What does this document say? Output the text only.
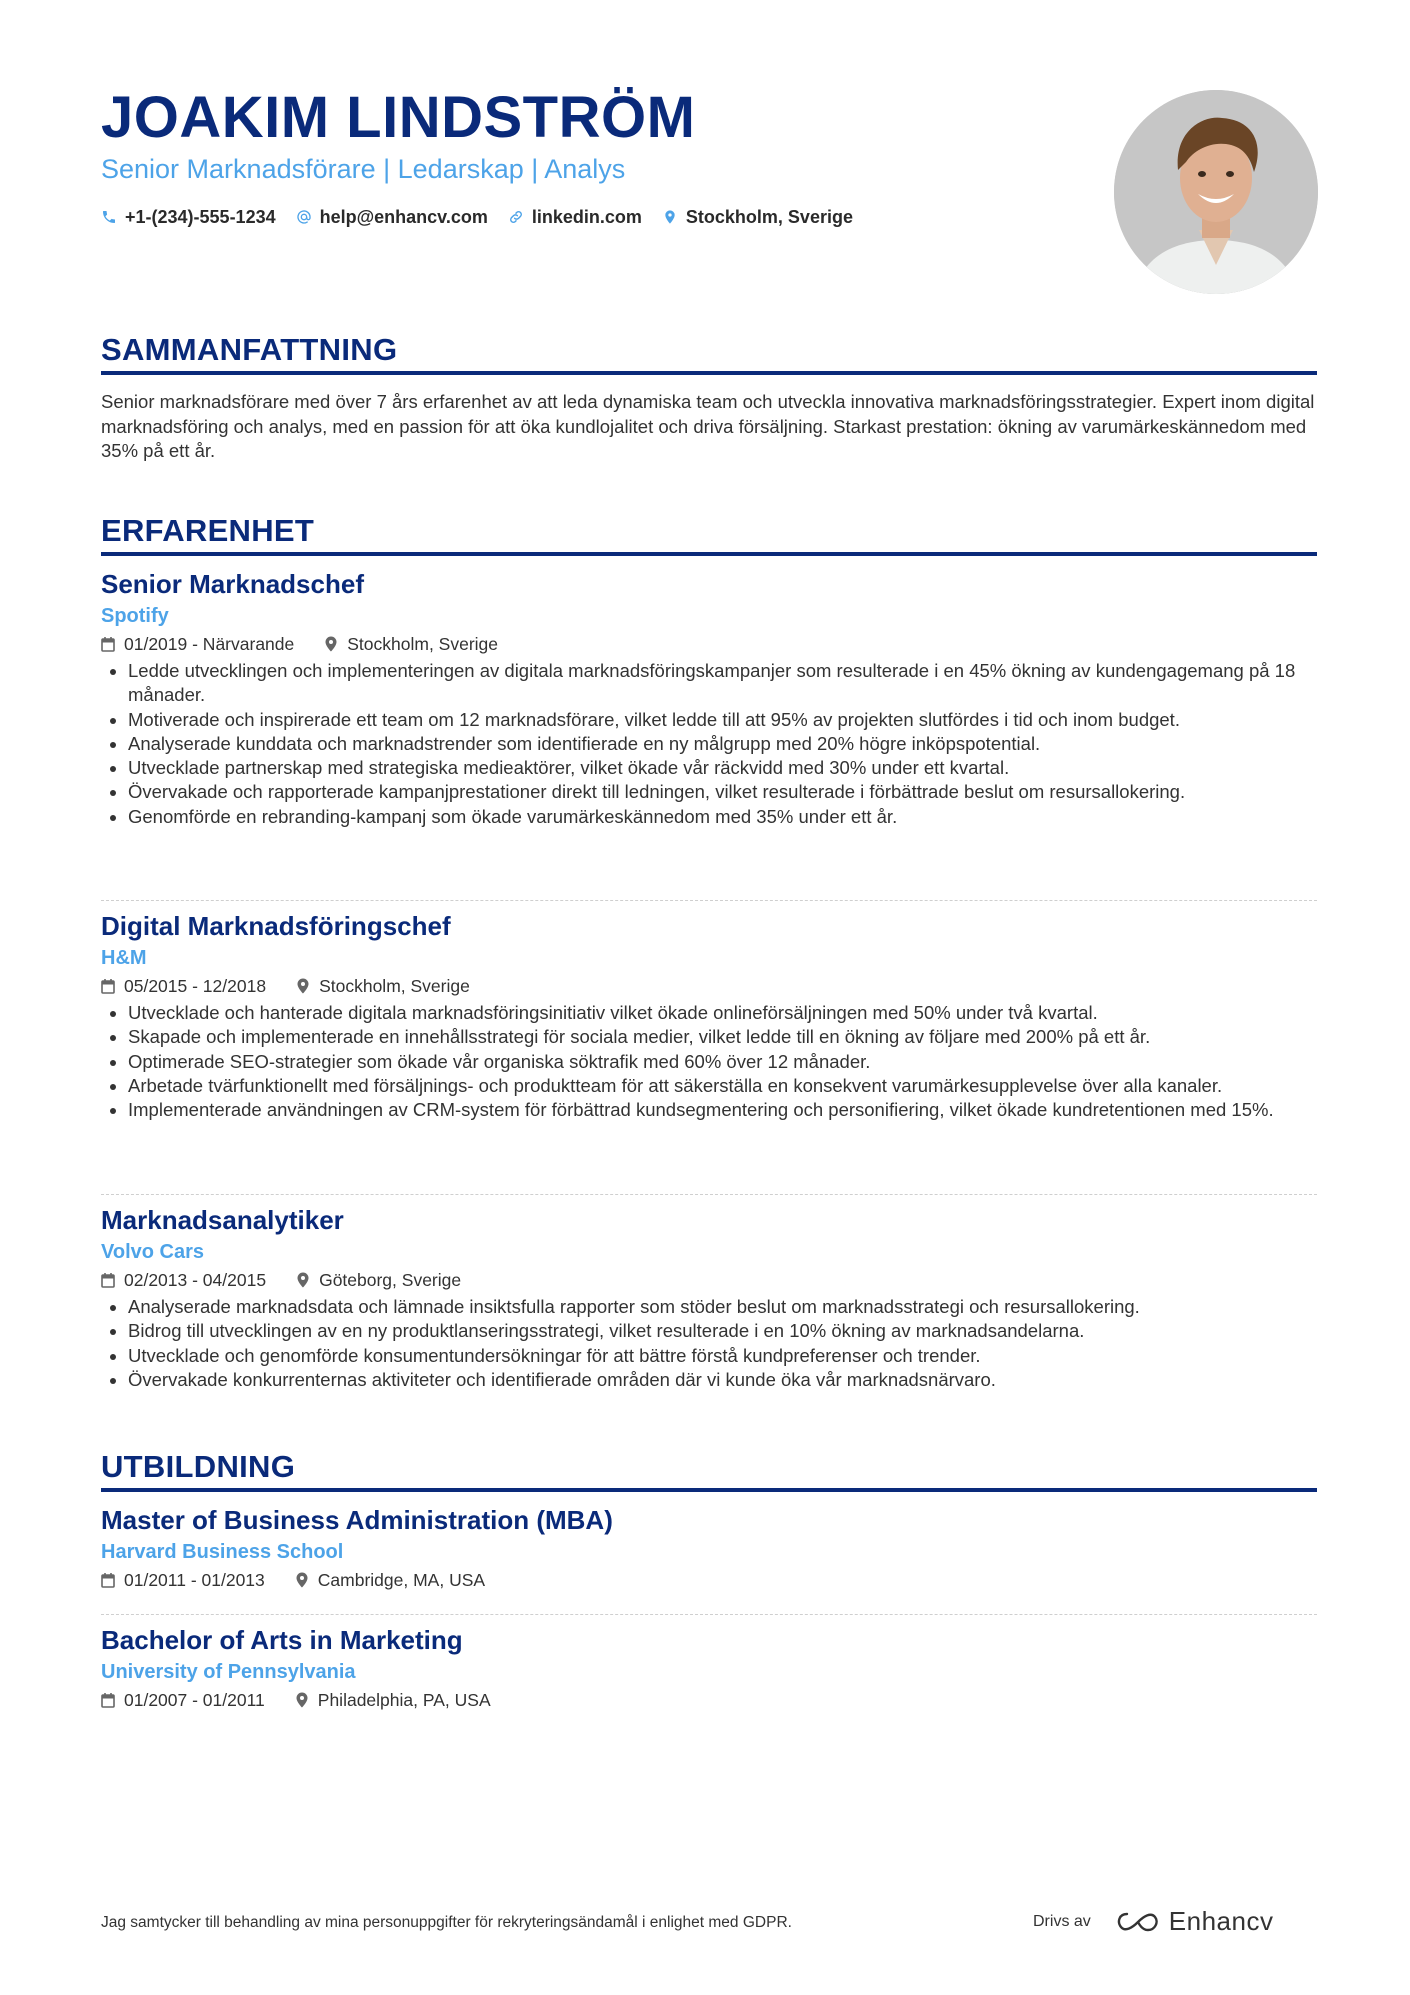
JOAKIM LINDSTRÖM

Senior Marknadsförare | Ledarskap | Analys

+1-(234)-555-1234 help@enhancv.com linkedin.com Stockholm, Sverige
SAMMANFATTNING

Senior marknadsförare med över 7 års erfarenhet av att leda dynamiska team och utveckla innovativa marknadsföringsstrategier. Expert inom digital marknadsföring och analys, med en passion för att öka kundlojalitet och driva försäljning. Starkast prestation: ökning av varumärkeskännedom med 35% på ett år.

ERFARENHET
Senior Marknadschef
Spotify
01/2019 - Närvarande	Stockholm, Sverige
• Ledde utvecklingen och implementeringen av digitala marknadsföringskampanjer som resulterade i en 45% ökning av kundengagemang på 18 månader.
• Motiverade och inspirerade ett team om 12 marknadsförare, vilket ledde till att 95% av projekten slutfördes i tid och inom budget.
• Analyserade kunddata och marknadstrender som identifierade en ny målgrupp med 20% högre inköpspotential.
• Utvecklade partnerskap med strategiska medieaktörer, vilket ökade vår räckvidd med 30% under ett kvartal.
• Övervakade och rapporterade kampanjprestationer direkt till ledningen, vilket resulterade i förbättrade beslut om resursallokering.
• Genomförde en rebranding-kampanj som ökade varumärkeskännedom med 35% under ett år.
Digital Marknadsföringschef
H&M
05/2015 - 12/2018	Stockholm, Sverige
• Utvecklade och hanterade digitala marknadsföringsinitiativ vilket ökade onlineförsäljningen med 50% under två kvartal.
• Skapade och implementerade en innehållsstrategi för sociala medier, vilket ledde till en ökning av följare med 200% på ett år.
• Optimerade SEO-strategier som ökade vår organiska söktrafik med 60% över 12 månader.
• Arbetade tvärfunktionellt med försäljnings- och produktteam för att säkerställa en konsekvent varumärkesupplevelse över alla kanaler.
• Implementerade användningen av CRM-system för förbättrad kundsegmentering och personifiering, vilket ökade kundretentionen med 15%.
Marknadsanalytiker
Volvo Cars
02/2013 - 04/2015	Göteborg, Sverige
• Analyserade marknadsdata och lämnade insiktsfulla rapporter som stöder beslut om marknadsstrategi och resursallokering.
• Bidrog till utvecklingen av en ny produktlanseringsstrategi, vilket resulterade i en 10% ökning av marknadsandelarna.
• Utvecklade och genomförde konsumentundersökningar för att bättre förstå kundpreferenser och trender.
• Övervakade konkurrenternas aktiviteter och identifierade områden där vi kunde öka vår marknadsnärvaro.
UTBILDNING
Master of Business Administration (MBA)
Harvard Business School
01/2011 - 01/2013	Cambridge, MA, USA
Bachelor of Arts in Marketing
University of Pennsylvania
01/2007 - 01/2011	Philadelphia, PA, USA
Jag samtycker till behandling av mina personuppgifter för rekryteringsändamål i enlighet med GDPR.	Drivs av	Enhancv
